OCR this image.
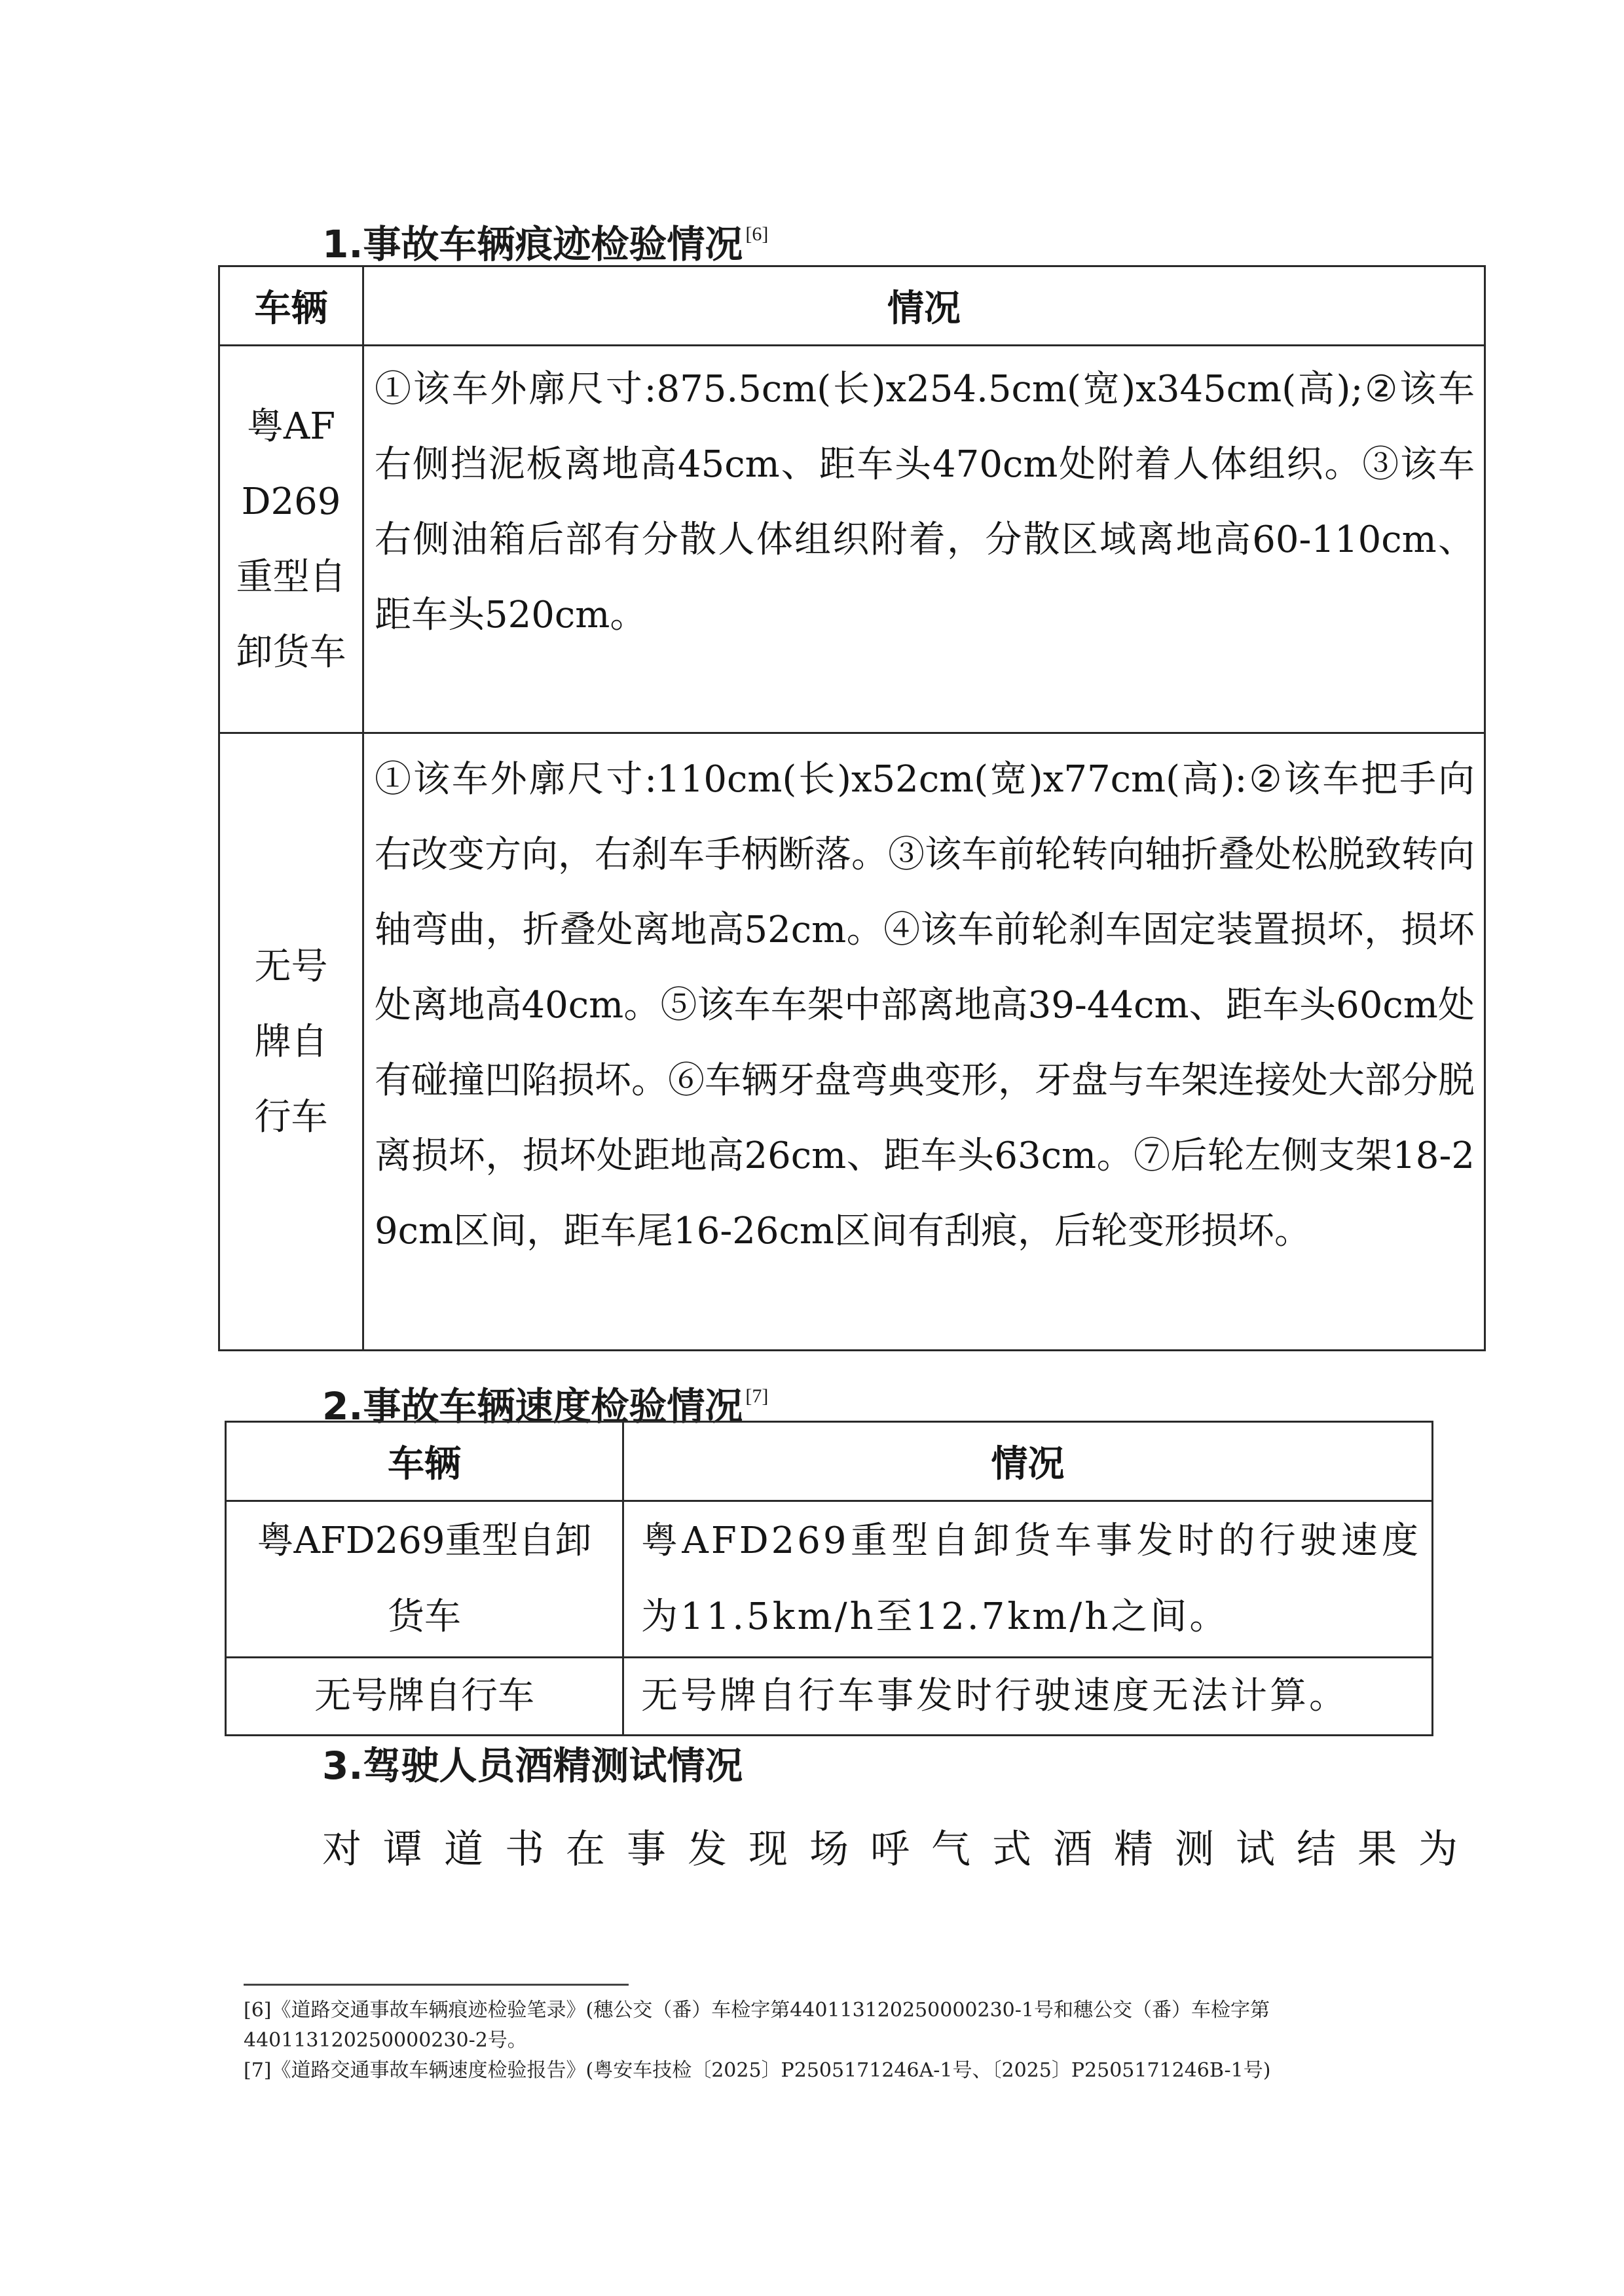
1.事故车辆痕迹检验情况 [6]
车辆	情况
粤AFD269重型自卸货车	①该车外廓尺寸:875.5cm(长)x254.5cm(宽)x345cm(高);②该车右侧挡泥板离地高45cm、距车头470cm处附着人体组织。③该车右侧油箱后部有分散人体组织附着，分散区域离地高60-110cm、距车头520cm。
无号牌自行车	①该车外廓尺寸:110cm(长)x52cm(宽)x77cm(高):②该车把手向右改变方向，右刹车手柄断落。③该车前轮转向轴折叠处松脱致转向轴弯曲，折叠处离地高52cm。④该车前轮刹车固定装置损坏，损坏处离地高40cm。⑤该车车架中部离地高39-44cm、距车头60cm处有碰撞凹陷损坏。⑥车辆牙盘弯典变形，牙盘与车架连接处大部分脱离损坏，损坏处距地高26cm、距车头63cm。⑦后轮左侧支架18-29cm区间，距车尾16-26cm区间有刮痕，后轮变形损坏。
2.事故车辆速度检验情况 [7]
车辆	情况
粤AFD269重型自卸货车	粤AFD269重型自卸货车事发时的行驶速度为11.5km/h至12.7km/h之间。
无号牌自行车	无号牌自行车事发时行驶速度无法计算。
3.驾驶人员酒精测试情况

对谭道书在事发现场呼气式酒精测试结果为

[6]《道路交通事故车辆痕迹检验笔录》(穗公交（番）车检字第440113120250000230-1号和穗公交（番）车检字第440113120250000230-2号。

[7]《道路交通事故车辆速度检验报告》(粤安车技检〔2025〕P2505171246A-1号、〔2025〕P2505171246B-1号)
